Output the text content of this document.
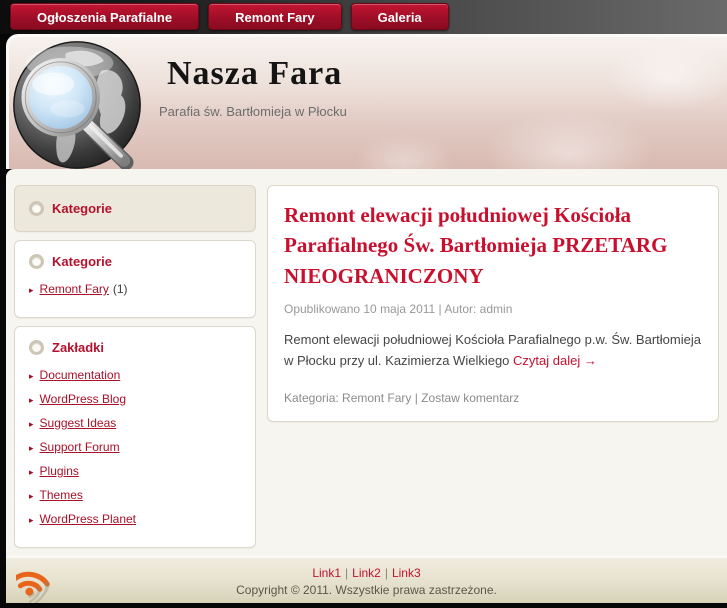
Ogłoszenia Parafialne	Remont Fary	Galeria
Nasza Fara
Parafia św. Bartłomieja w Płocku
Kategorie
Kategorie
▸ Remont Fary (1)
Zakładki
▸ Documentation
▸ WordPress Blog
▸ Suggest Ideas
▸ Support Forum
▸ Plugins
▸ Themes
▸ WordPress Planet
Remont elewacji południowej Kościoła Parafialnego Św. Bartłomieja PRZETARG NIEOGRANICZONY
Opublikowano 10 maja 2011 | Autor: admin
Remont elewacji południowej Kościoła Parafialnego p.w. Św. Bartłomieja w Płocku przy ul. Kazimierza Wielkiego Czytaj dalej →
Kategoria: Remont Fary | Zostaw komentarz
Link1 | Link2 | Link3
Copyright © 2011. Wszystkie prawa zastrzeżone.
